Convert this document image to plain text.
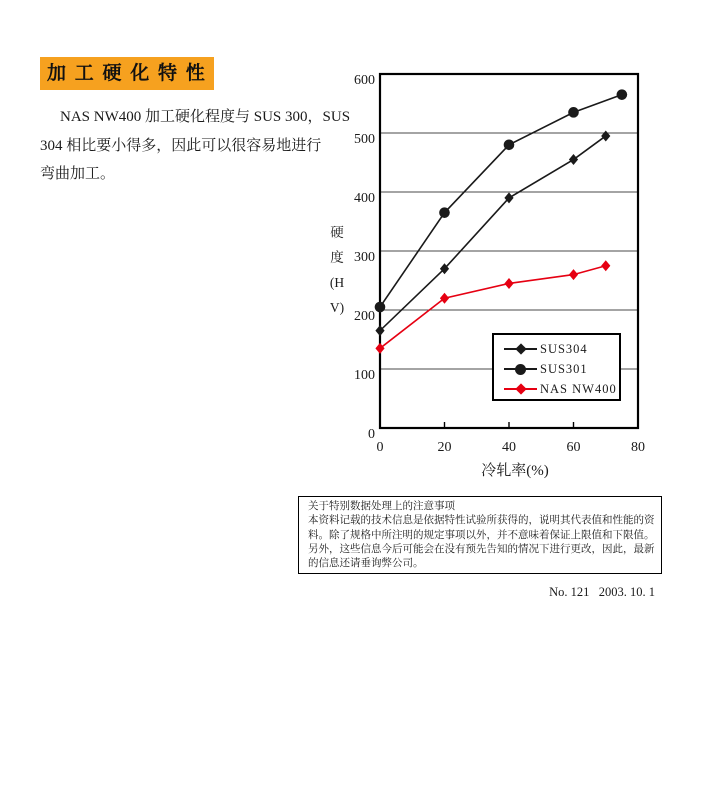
加 工 硬 化 特 性
NAS NW400 加工硬化程度与 SUS 300，SUS
304 相比要小得多，因此可以很容易地进行
弯曲加工。
硬
度
(H
V)
0
100
200
300
400
500
600
0	20	40	60	80
冷轧率(%)
SUS304
SUS301
NAS NW400
关于特别数据处理上的注意事项
本资料记载的技术信息是依据特性试验所获得的，说明其代表值和性能的资
料。除了规格中所注明的规定事项以外，并不意味着保证上限值和下限值。
另外，这些信息今后可能会在没有预先告知的情况下进行更改，因此，最新
的信息还请垂询弊公司。
No. 121   2003. 10. 1
